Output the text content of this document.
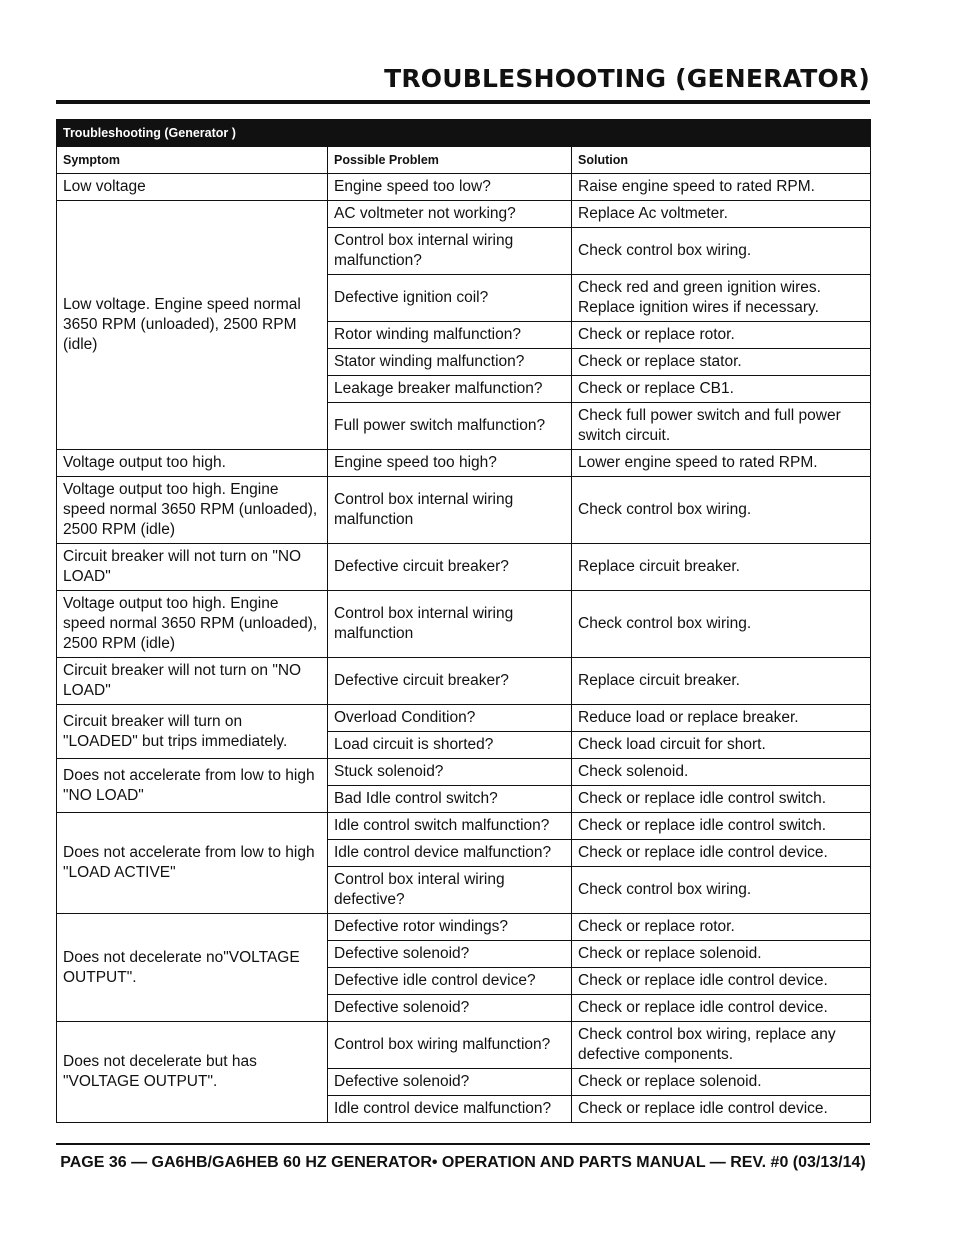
TROUBLESHOOTING (GENERATOR)
Troubleshooting (Generator )		
Symptom	Possible Problem	Solution
Low voltage	Engine speed too low?	Raise engine speed to rated RPM.
Low voltage. Engine speed normal 3650 RPM (unloaded), 2500 RPM (idle)	AC voltmeter not working?	Replace Ac voltmeter.
	Control box internal wiring malfunction?	Check control box wiring.
	Defective ignition coil?	Check red and green ignition wires. Replace ignition wires if necessary.
	Rotor winding malfunction?	Check or replace rotor.
	Stator winding malfunction?	Check or replace stator.
	Leakage breaker malfunction?	Check or replace CB1.
	Full power switch malfunction?	Check full power switch and full power switch circuit.
Voltage output too high.	Engine speed too high?	Lower engine speed to rated RPM.
Voltage output too high. Engine speed normal 3650 RPM (unloaded), 2500 RPM (idle)	Control box internal wiring malfunction	Check control box wiring.
Circuit breaker will not turn on "NO LOAD"	Defective circuit breaker?	Replace circuit breaker.
Voltage output too high. Engine speed normal 3650 RPM (unloaded), 2500 RPM (idle)	Control box internal wiring malfunction	Check control box wiring.
Circuit breaker will not turn on "NO LOAD"	Defective circuit breaker?	Replace circuit breaker.
Circuit breaker will turn on "LOADED" but trips immediately.	Overload Condition?	Reduce load or replace breaker.
	Load circuit is shorted?	Check load circuit for short.
Does not accelerate from low to high "NO LOAD"	Stuck solenoid?	Check solenoid.
	Bad Idle control switch?	Check or replace idle control switch.
Does not accelerate from low to high "LOAD ACTIVE"	Idle control switch malfunction?	Check or replace idle control switch.
	Idle control device malfunction?	Check or replace idle control device.
	Control box interal wiring defective?	Check control box wiring.
Does not decelerate no"VOLTAGE OUTPUT".	Defective rotor windings?	Check or replace rotor.
	Defective solenoid?	Check or replace solenoid.
	Defective idle control device?	Check or replace idle control device.
	Defective solenoid?	Check or replace idle control device.
Does not decelerate but has "VOLTAGE OUTPUT".	Control box wiring malfunction?	Check control box wiring, replace any defective components.
	Defective solenoid?	Check or replace solenoid.
	Idle control device malfunction?	Check or replace idle control device.

PAGE 36 — GA6HB/GA6HEB 60 HZ GENERATOR• OPERATION AND PARTS MANUAL — REV. #0 (03/13/14)
